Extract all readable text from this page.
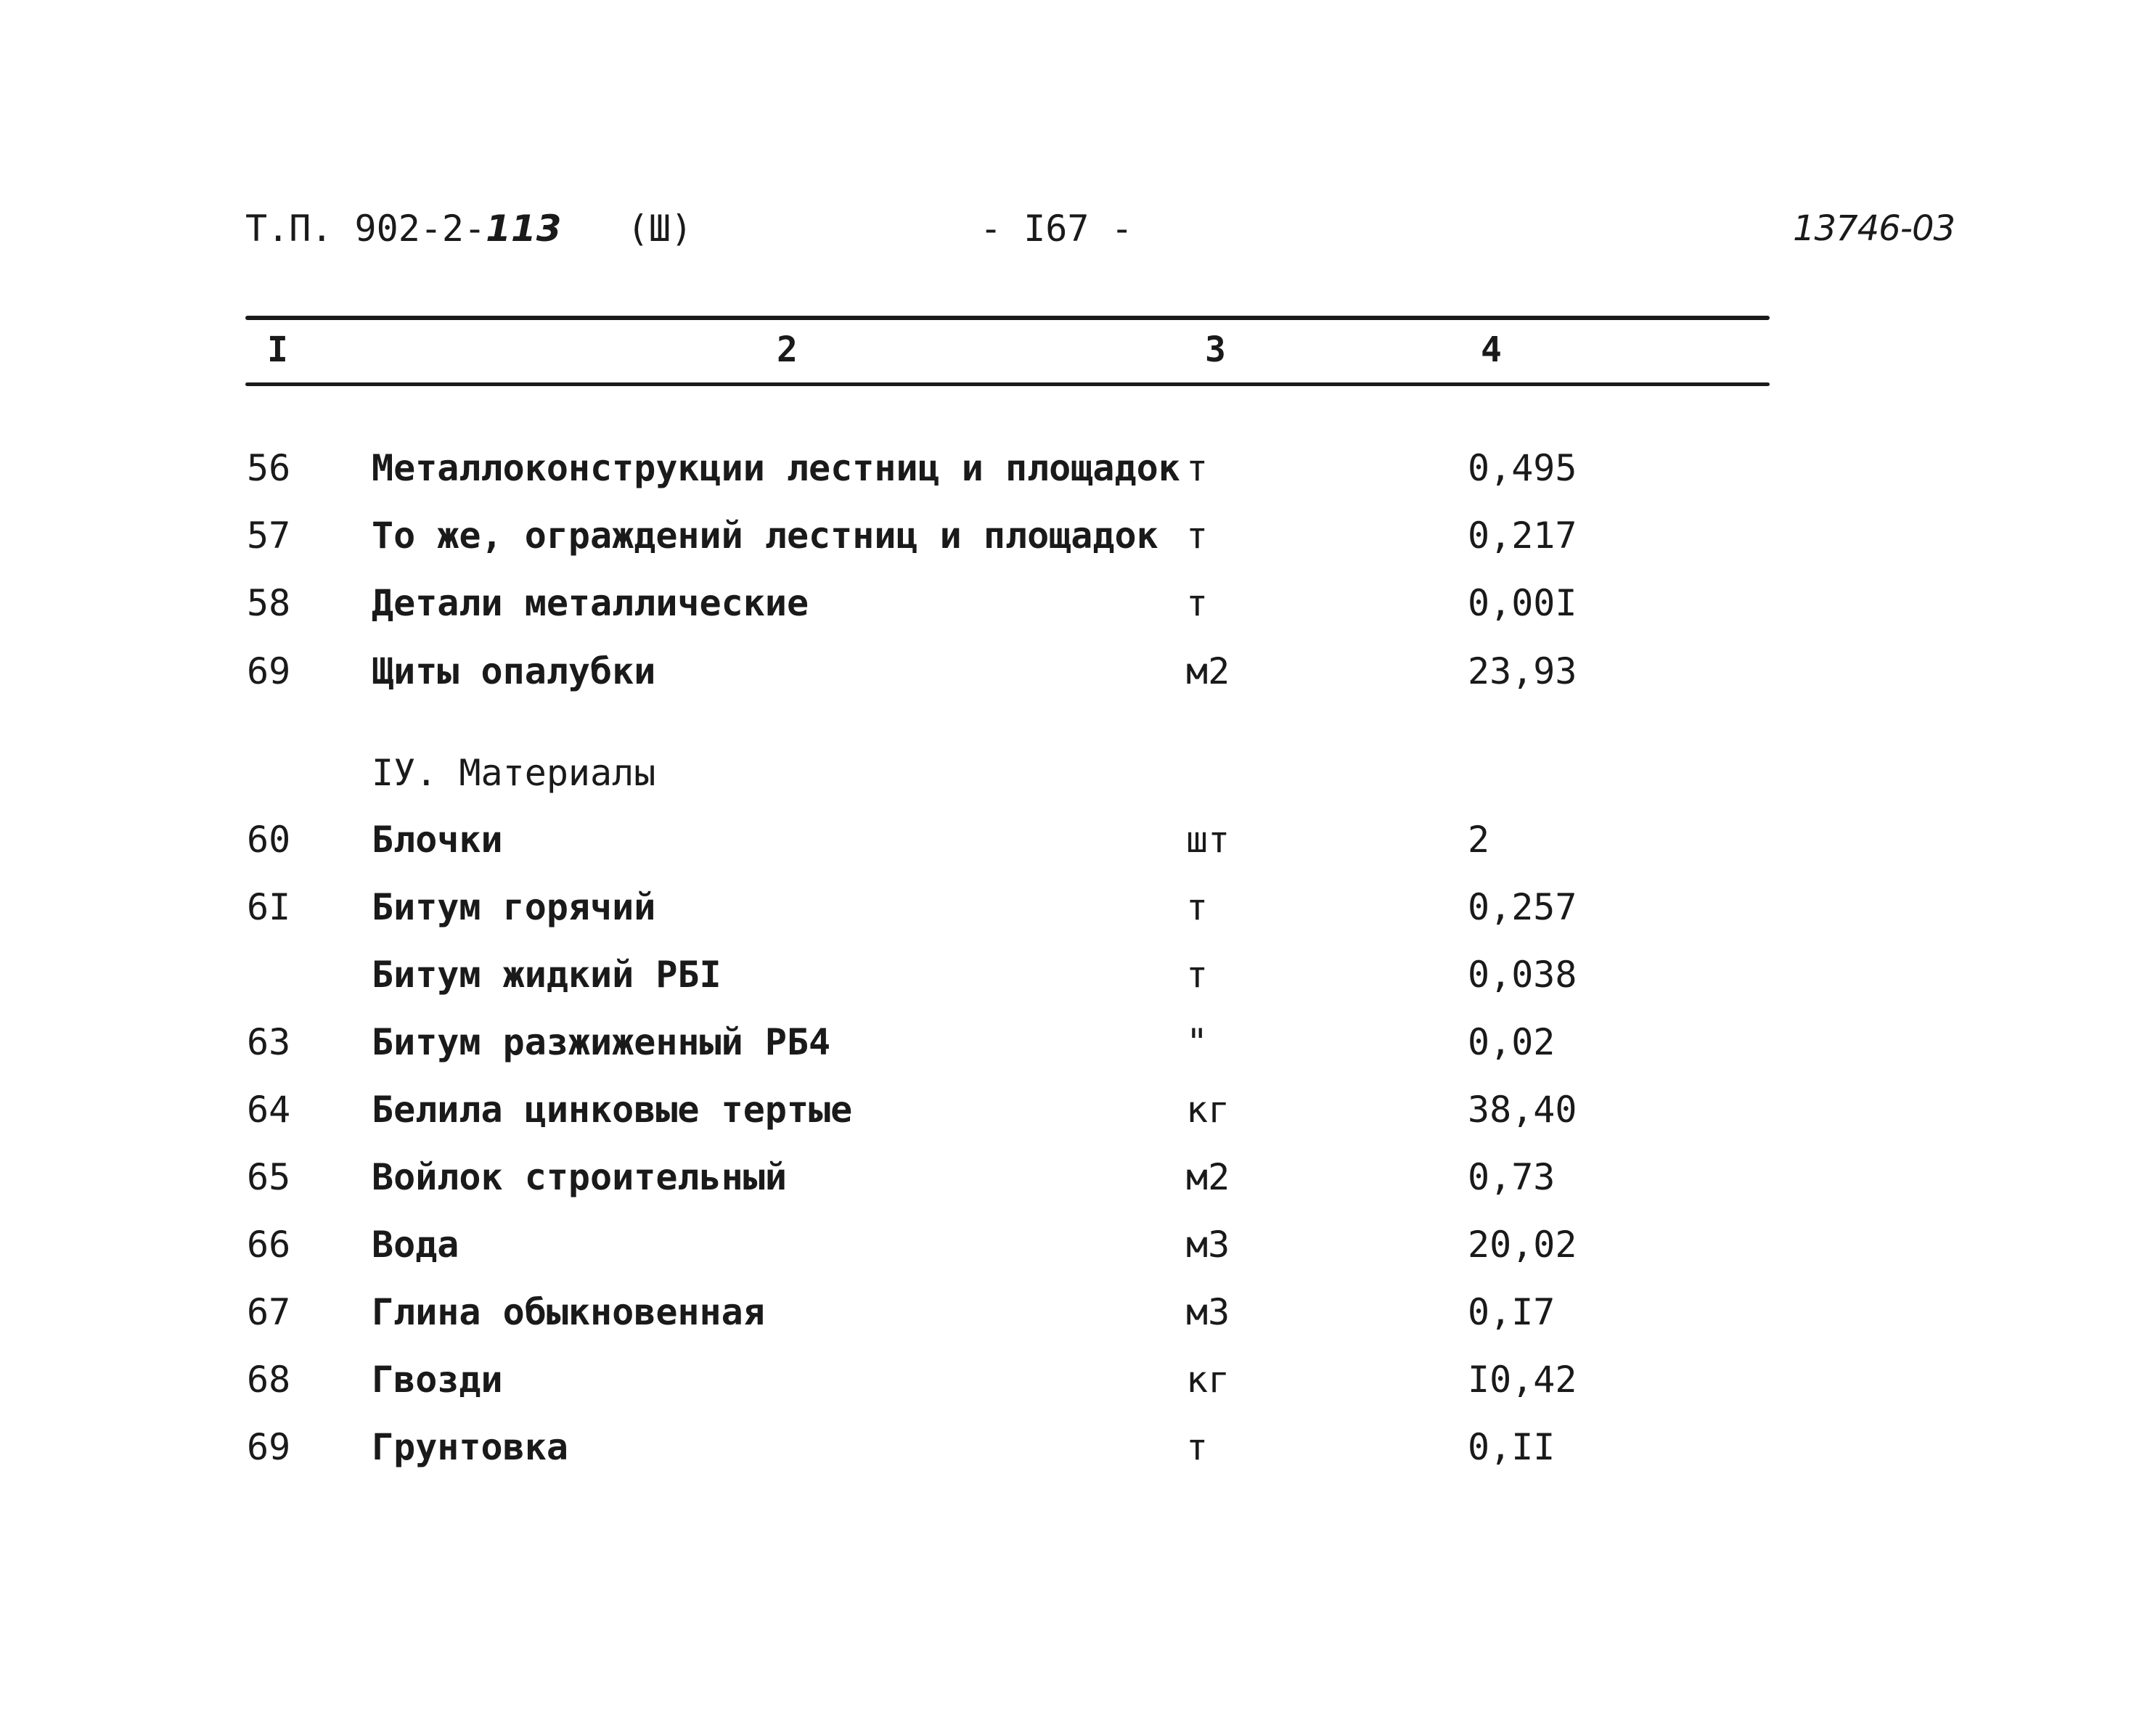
Т.П. 902-2-113 (Ш)	- I67 -	13746-03
I	2	3	4
56 Металлоконструкции лестниц и площадок т	0,495
57 То же, ограждений лестниц и площадок т	0,217
58 Детали металлические	т	0,00I
69 Щиты опалубки	м2	23,93
IУ. Материалы
60 Блочки	шт	2
6I Битум горячий	т	0,257
Битум жидкий РБI	т	0,038
63 Битум разжиженный РБ4	"	0,02
64 Белила цинковые тертые	кг	38,40
65 Войлок строительный	м2	0,73
66 Вода	м3	20,02
67 Глина обыкновенная	м3	0,I7
68 Гвозди	кг	I0,42
69 Грунтовка	т	0,II
